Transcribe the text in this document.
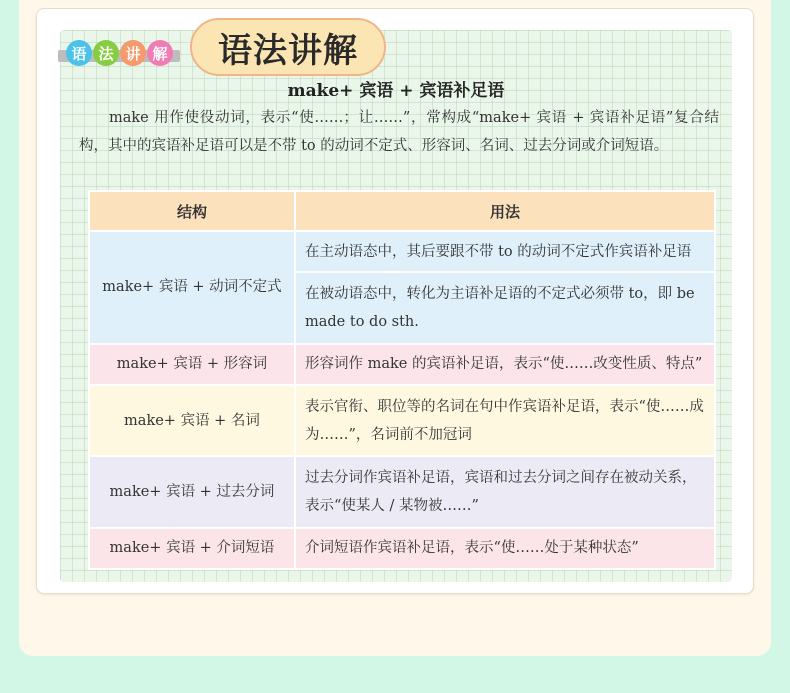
语 法 讲 解	语法讲解
make+ 宾语 + 宾语补足语

make 用作使役动词，表示“使……；让……”，常构成“make+ 宾语 + 宾语补足语”复合结构，其中的宾语补足语可以是不带 to 的动词不定式、形容词、名词、过去分词或介词短语。

结构	用法
make+ 宾语 + 动词不定式	在主动语态中，其后要跟不带 to 的动词不定式作宾语补足语
	在被动语态中，转化为主语补足语的不定式必须带 to，即 be made to do sth.
make+ 宾语 + 形容词	形容词作 make 的宾语补足语，表示“使……改变性质、特点”
make+ 宾语 + 名词	表示官衔、职位等的名词在句中作宾语补足语，表示“使……成为……”，名词前不加冠词
make+ 宾语 + 过去分词	过去分词作宾语补足语，宾语和过去分词之间存在被动关系，表示“使某人 / 某物被……”
make+ 宾语 + 介词短语	介词短语作宾语补足语，表示“使……处于某种状态”
